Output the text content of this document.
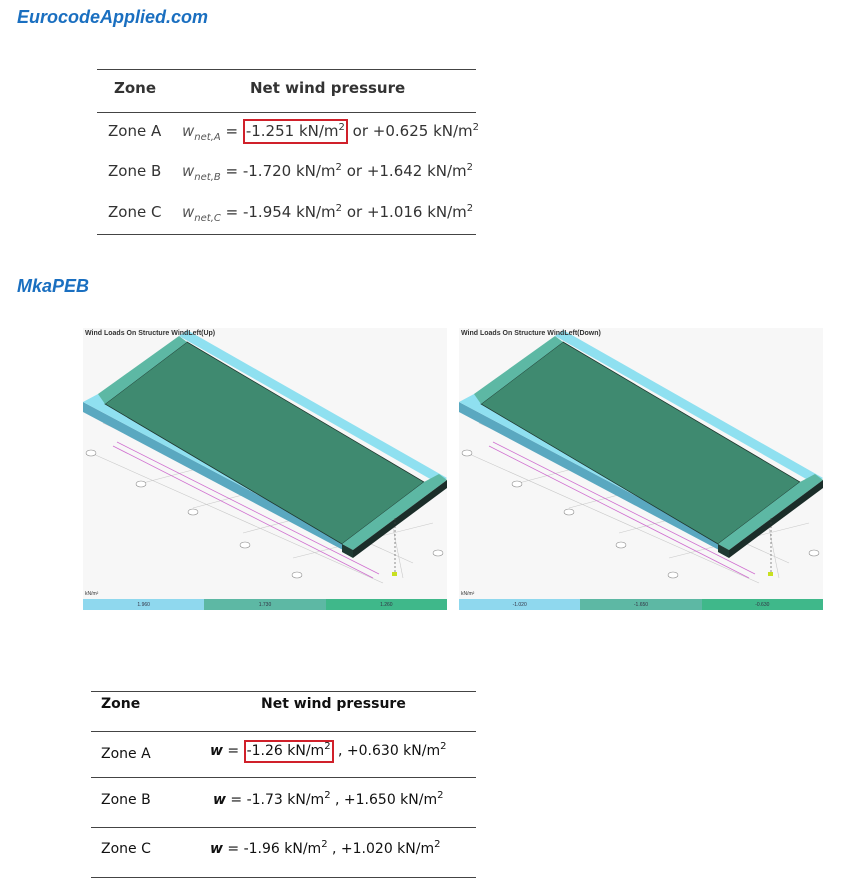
EurocodeApplied.com
Zone	Net wind pressure
Zone A $w_{net,A} = -1.251$ $kN/m^2$ or +0.625 $kN/m^2$
Zone B $w_{net,B} = -1.720$ $kN/m^2$ or +1.642 $kN/m^2$
Zone C $w_{net,C} = -1.954$ $kN/m^2$ or +1.016 $kN/m^2$
MkaPEB
Wind Loads On Structure WindLeft(Up)
kN/m²
1.960	1.730	1.260
Wind Loads On Structure WindLeft(Down)
kN/m²
-1.020	-1.650	-0.630
Zone	Net wind pressure
Zone A	w = -1.26 $kN/m^2$ , +0.630 $kN/m^2$
Zone B	w = -1.73 $kN/m^2$ , +1.650 $kN/m^2$
Zone C	w = -1.96 $kN/m^2$ , +1.020 $kN/m^2$
